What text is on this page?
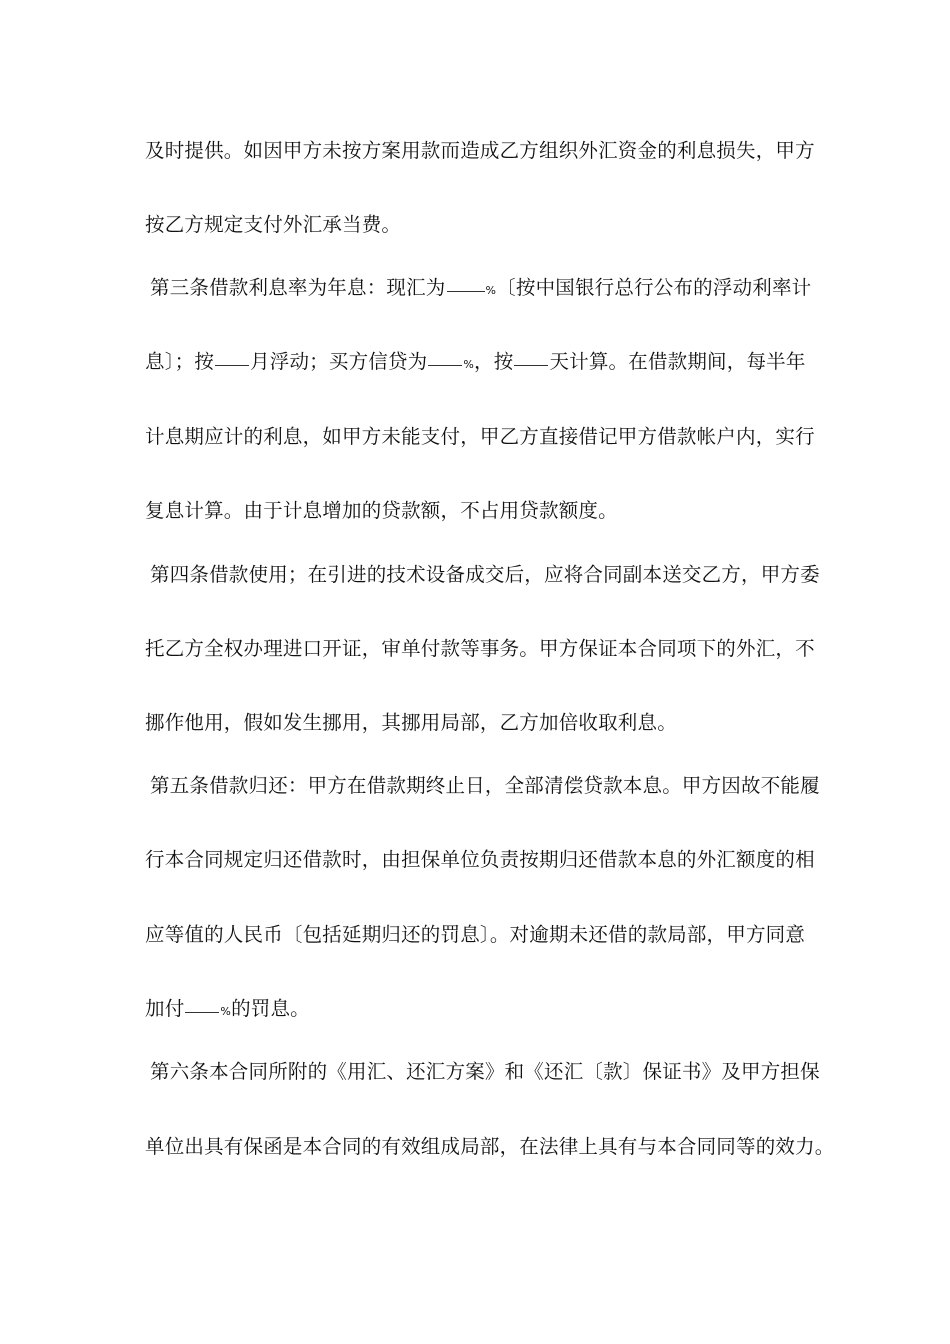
及时提供。如因甲方未按方案用款而造成乙方组织外汇资金的利息损失，甲方
按乙方规定支付外汇承当费。
第三条借款利息率为年息：现汇为	%〔按中国银行总行公布的浮动利率计
息〕；按 月浮动；买方信贷为	%，按 天计算。在借款期间，每半年
计息期应计的利息，如甲方未能支付，甲乙方直接借记甲方借款帐户内，实行
复息计算。由于计息增加的贷款额，不占用贷款额度。
第四条借款使用；在引进的技术设备成交后，应将合同副本送交乙方，甲方委
托乙方全权办理进口开证，审单付款等事务。甲方保证本合同项下的外汇，不
挪作他用，假如发生挪用，其挪用局部，乙方加倍收取利息。
第五条借款归还：甲方在借款期终止日，全部清偿贷款本息。甲方因故不能履
行本合同规定归还借款时，由担保单位负责按期归还借款本息的外汇额度的相
应等值的人民币〔包括延期归还的罚息〕。对逾期未还借的款局部，甲方同意
加付	%的罚息。
第六条本合同所附的《用汇、还汇方案》和《还汇〔款〕保证书》及甲方担保
单位出具有保函是本合同的有效组成局部，在法律上具有与本合同同等的效力。
